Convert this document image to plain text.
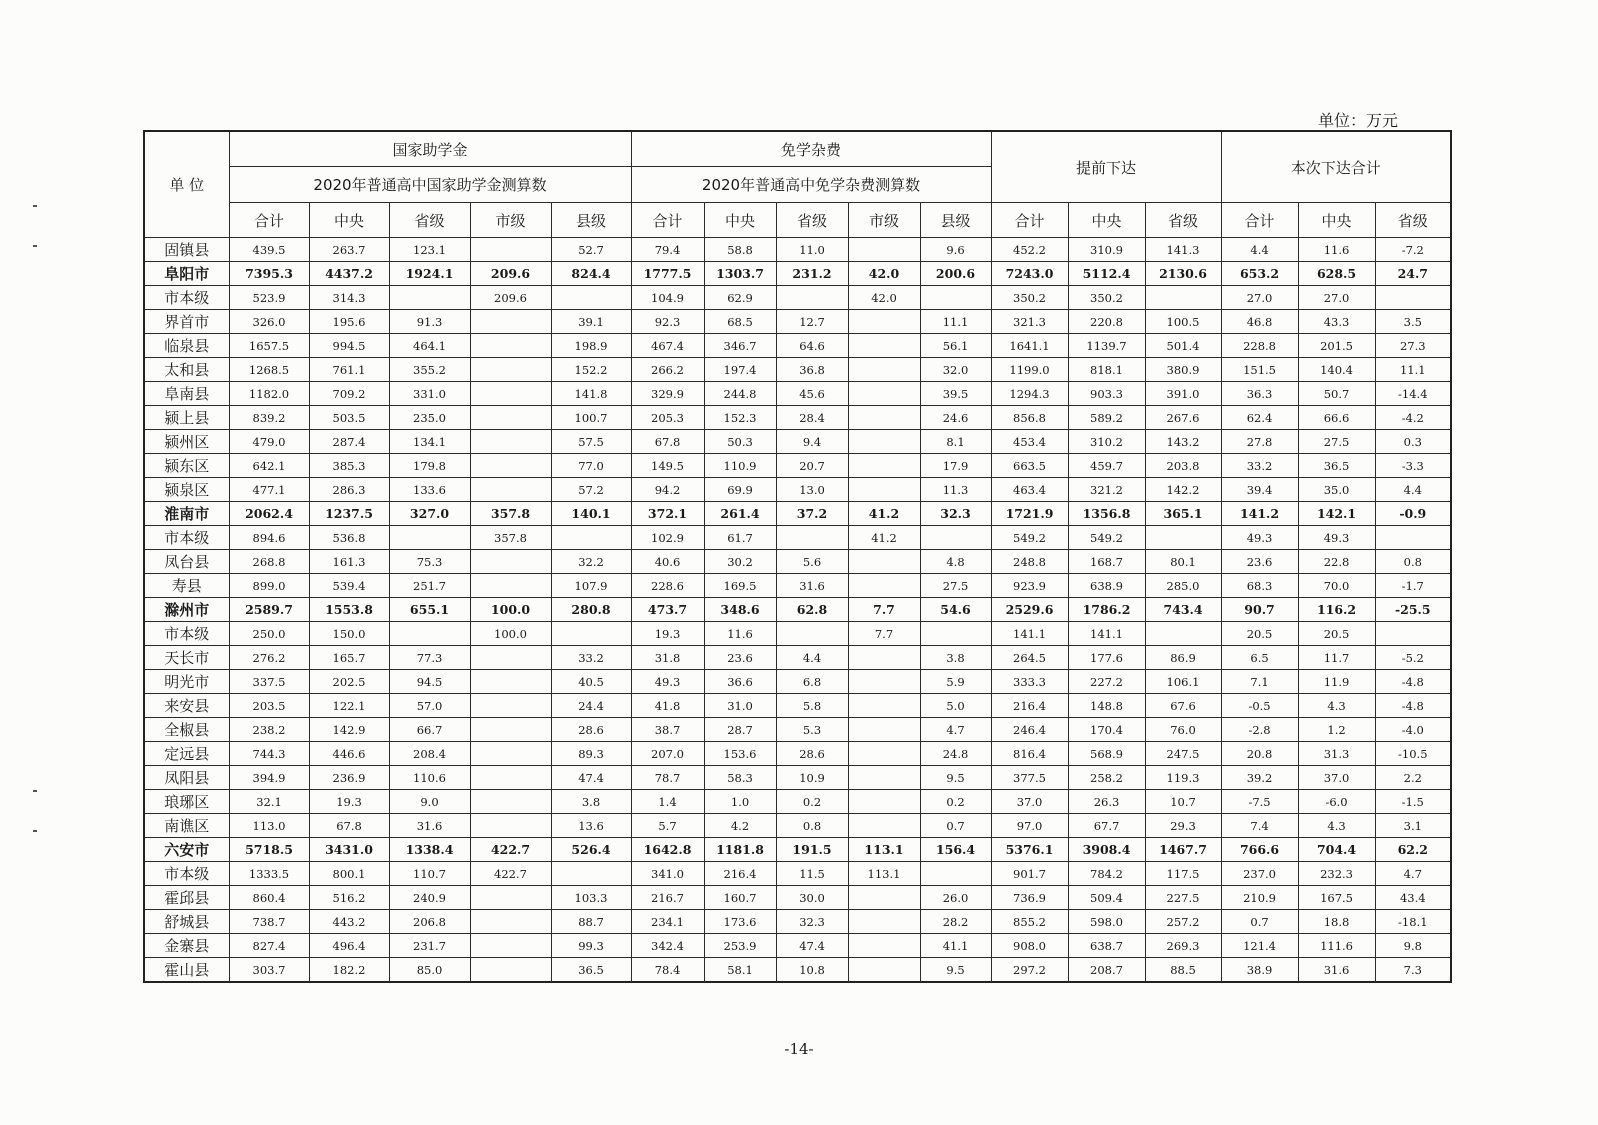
单位：万元
单 位	国家助学金					免学杂费					提前下达			本次下达合计		
	2020年普通高中国家助学金测算数					2020年普通高中免学杂费测算数										
	合计	中央	省级	市级	县级	合计	中央	省级	市级	县级	合计	中央	省级	合计	中央	省级
固镇县	439.5	263.7	123.1		52.7	79.4	58.8	11.0		9.6	452.2	310.9	141.3	4.4	11.6	-7.2
阜阳市	7395.3	4437.2	1924.1	209.6	824.4	1777.5	1303.7	231.2	42.0	200.6	7243.0	5112.4	2130.6	653.2	628.5	24.7
市本级	523.9	314.3		209.6		104.9	62.9		42.0		350.2	350.2		27.0	27.0	
界首市	326.0	195.6	91.3		39.1	92.3	68.5	12.7		11.1	321.3	220.8	100.5	46.8	43.3	3.5
临泉县	1657.5	994.5	464.1		198.9	467.4	346.7	64.6		56.1	1641.1	1139.7	501.4	228.8	201.5	27.3
太和县	1268.5	761.1	355.2		152.2	266.2	197.4	36.8		32.0	1199.0	818.1	380.9	151.5	140.4	11.1
阜南县	1182.0	709.2	331.0		141.8	329.9	244.8	45.6		39.5	1294.3	903.3	391.0	36.3	50.7	-14.4
颍上县	839.2	503.5	235.0		100.7	205.3	152.3	28.4		24.6	856.8	589.2	267.6	62.4	66.6	-4.2
颍州区	479.0	287.4	134.1		57.5	67.8	50.3	9.4		8.1	453.4	310.2	143.2	27.8	27.5	0.3
颍东区	642.1	385.3	179.8		77.0	149.5	110.9	20.7		17.9	663.5	459.7	203.8	33.2	36.5	-3.3
颍泉区	477.1	286.3	133.6		57.2	94.2	69.9	13.0		11.3	463.4	321.2	142.2	39.4	35.0	4.4
淮南市	2062.4	1237.5	327.0	357.8	140.1	372.1	261.4	37.2	41.2	32.3	1721.9	1356.8	365.1	141.2	142.1	-0.9
市本级	894.6	536.8		357.8		102.9	61.7		41.2		549.2	549.2		49.3	49.3	
凤台县	268.8	161.3	75.3		32.2	40.6	30.2	5.6		4.8	248.8	168.7	80.1	23.6	22.8	0.8
寿县	899.0	539.4	251.7		107.9	228.6	169.5	31.6		27.5	923.9	638.9	285.0	68.3	70.0	-1.7
滁州市	2589.7	1553.8	655.1	100.0	280.8	473.7	348.6	62.8	7.7	54.6	2529.6	1786.2	743.4	90.7	116.2	-25.5
市本级	250.0	150.0		100.0		19.3	11.6		7.7		141.1	141.1		20.5	20.5	
天长市	276.2	165.7	77.3		33.2	31.8	23.6	4.4		3.8	264.5	177.6	86.9	6.5	11.7	-5.2
明光市	337.5	202.5	94.5		40.5	49.3	36.6	6.8		5.9	333.3	227.2	106.1	7.1	11.9	-4.8
来安县	203.5	122.1	57.0		24.4	41.8	31.0	5.8		5.0	216.4	148.8	67.6	-0.5	4.3	-4.8
全椒县	238.2	142.9	66.7		28.6	38.7	28.7	5.3		4.7	246.4	170.4	76.0	-2.8	1.2	-4.0
定远县	744.3	446.6	208.4		89.3	207.0	153.6	28.6		24.8	816.4	568.9	247.5	20.8	31.3	-10.5
凤阳县	394.9	236.9	110.6		47.4	78.7	58.3	10.9		9.5	377.5	258.2	119.3	39.2	37.0	2.2
琅琊区	32.1	19.3	9.0		3.8	1.4	1.0	0.2		0.2	37.0	26.3	10.7	-7.5	-6.0	-1.5
南谯区	113.0	67.8	31.6		13.6	5.7	4.2	0.8		0.7	97.0	67.7	29.3	7.4	4.3	3.1
六安市	5718.5	3431.0	1338.4	422.7	526.4	1642.8	1181.8	191.5	113.1	156.4	5376.1	3908.4	1467.7	766.6	704.4	62.2
市本级	1333.5	800.1	110.7	422.7		341.0	216.4	11.5	113.1		901.7	784.2	117.5	237.0	232.3	4.7
霍邱县	860.4	516.2	240.9		103.3	216.7	160.7	30.0		26.0	736.9	509.4	227.5	210.9	167.5	43.4
舒城县	738.7	443.2	206.8		88.7	234.1	173.6	32.3		28.2	855.2	598.0	257.2	0.7	18.8	-18.1
金寨县	827.4	496.4	231.7		99.3	342.4	253.9	47.4		41.1	908.0	638.7	269.3	121.4	111.6	9.8
霍山县	303.7	182.2	85.0		36.5	78.4	58.1	10.8		9.5	297.2	208.7	88.5	38.9	31.6	7.3
-14-
